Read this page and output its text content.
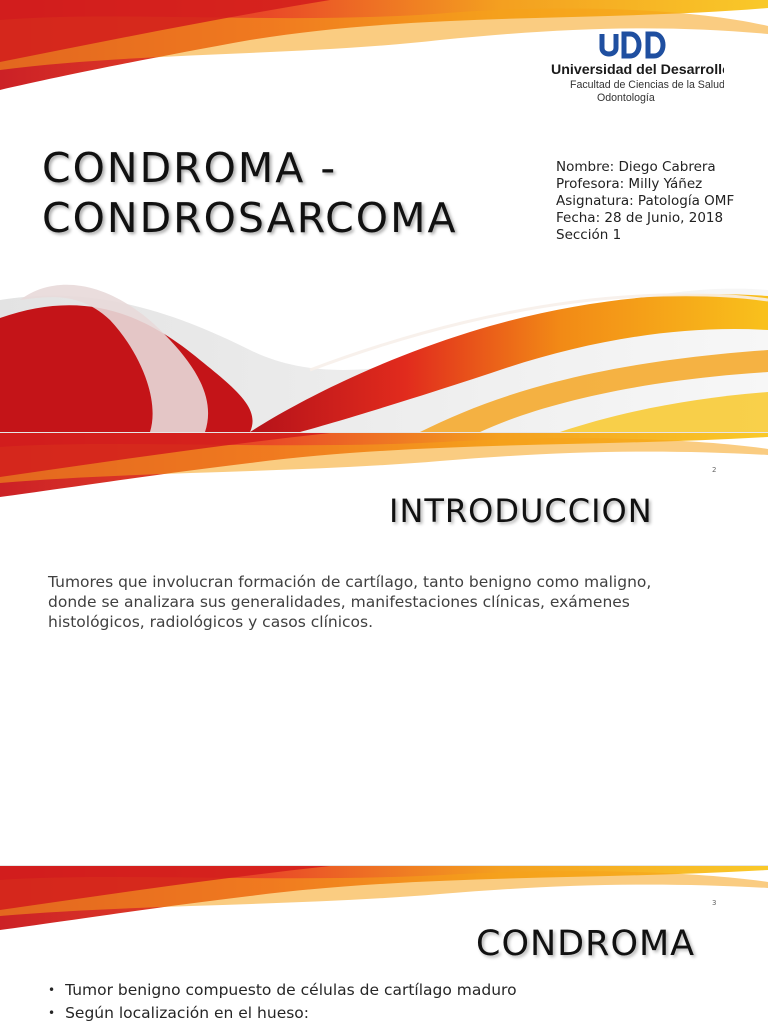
Universidad del Desarrollo
Facultad de Ciencias de la Salud
Odontología
CONDROMA -
CONDROSARCOMA
Nombre: Diego Cabrera
Profesora: Milly Yáñez
Asignatura: Patología OMF
Fecha: 28 de Junio, 2018
Sección 1
2
INTRODUCCION

Tumores que involucran formación de cartílago, tanto benigno como maligno, donde se analizara sus generalidades, manifestaciones clínicas, exámenes histológicos, radiológicos y casos clínicos.

3
CONDROMA
• Tumor benigno compuesto de células de cartílago maduro
• Según localización en el hueso:
